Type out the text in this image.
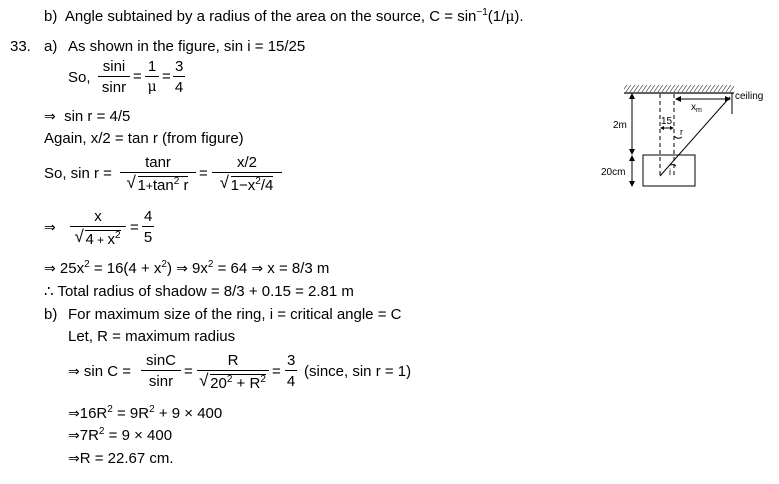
b) Angle subtained by a radius of the area on the source, $C = \sin^{-1}(1/\mu)$.
33. a) As shown in the figure, sin i = 15/25
So,
sini
sinr
=
1
μ
=
3
4
⇒ sin r = 4/5
Again, x/2 = tan r (from figure)
So, sin r =
tanr
√ $1+\tan^2$ r
=
x/2
√ $1-x^2/4$
⇒
x
√ $4 + x^2$ =
4
5
⇒ $25x^2 = 16(4 + x^2)$ ⇒ $9x^2 = 64$ ⇒ x = 8/3 m
∴ Total radius of shadow = 8/3 + 0.15 = 2.81 m
b) For maximum size of the ring, i = critical angle = C
Let, R = maximum radius
⇒ sin C =
sinC
sinr
=
R
√ $20^2 + R^2$ =
3
4
(since, sin r = 1)
$\Rightarrow 16R^2 = 9R^2 + 9 \times 400$
$\Rightarrow 7R^2 = 9 \times 400$
⇒R = 22.67 cm.
ceiling
2m
20cm
15
$x_m$
r
i
